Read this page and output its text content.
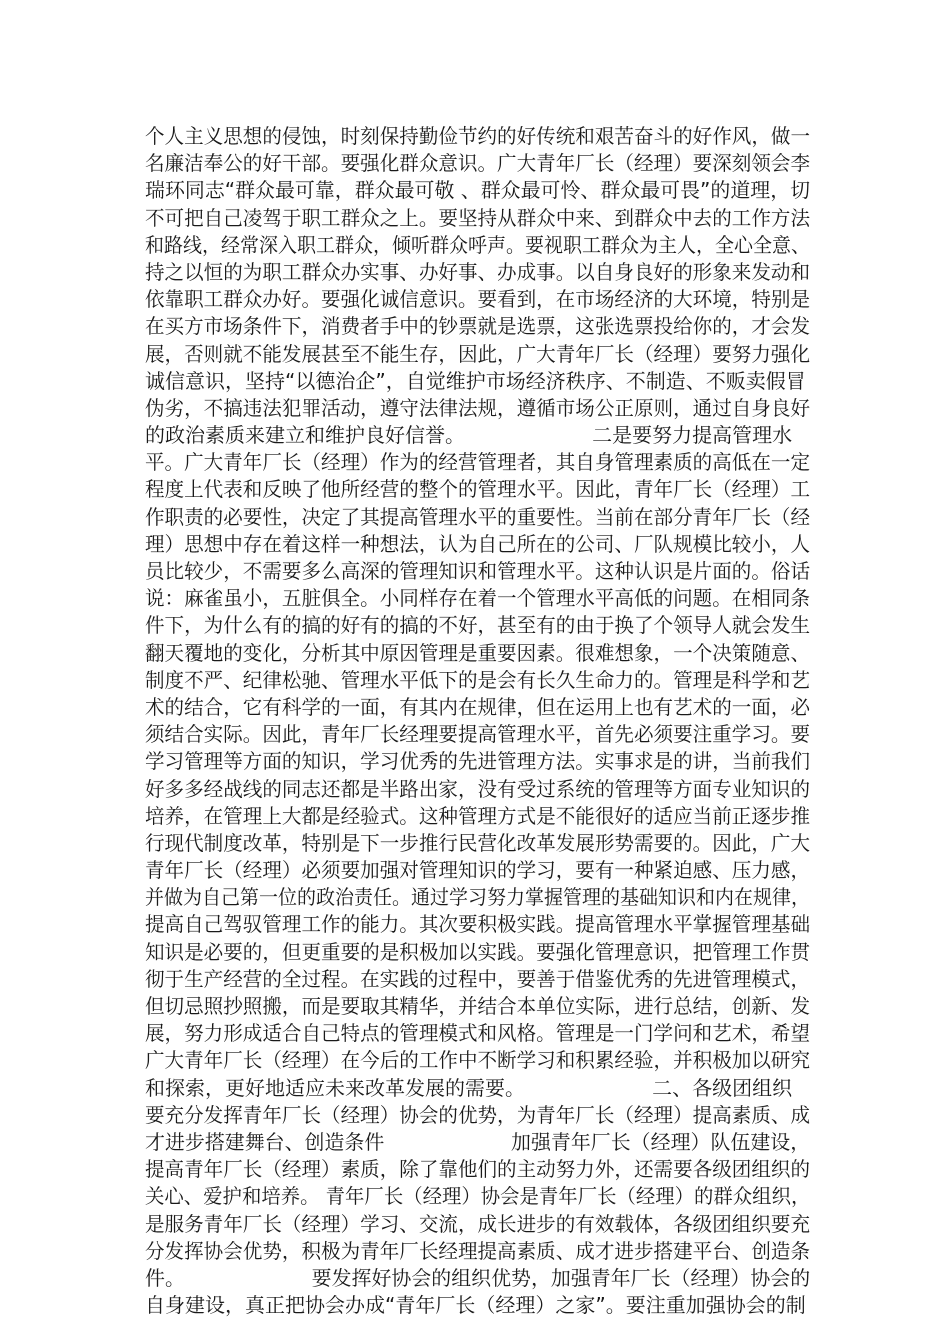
个人主义思想的侵蚀，时刻保持勤俭节约的好传统和艰苦奋斗的好作风，做一
名廉洁奉公的好干部。要强化群众意识。广大青年厂长（经理）要深刻领会李
瑞环同志“群众最可靠，群众最可敬 、群众最可怜、群众最可畏”的道理，切
不可把自己凌驾于职工群众之上。要坚持从群众中来、到群众中去的工作方法
和路线，经常深入职工群众，倾听群众呼声。要视职工群众为主人，全心全意、
持之以恒的为职工群众办实事、办好事、办成事。以自身良好的形象来发动和
依靠职工群众办好。要强化诚信意识。要看到，在市场经济的大环境，特别是
在买方市场条件下，消费者手中的钞票就是选票，这张选票投给你的，才会发
展，否则就不能发展甚至不能生存，因此，广大青年厂长（经理）要努力强化
诚信意识，坚持“以德治企”，自觉维护市场经济秩序、不制造、不贩卖假冒
伪劣，不搞违法犯罪活动，遵守法律法规，遵循市场公正原则，通过自身良好
的政治素质来建立和维护良好信誉。                    二是要努力提高管理水
平。广大青年厂长（经理）作为的经营管理者，其自身管理素质的高低在一定
程度上代表和反映了他所经营的整个的管理水平。因此，青年厂长（经理）工
作职责的必要性，决定了其提高管理水平的重要性。当前在部分青年厂长（经
理）思想中存在着这样一种想法，认为自己所在的公司、厂队规模比较小，人
员比较少，不需要多么高深的管理知识和管理水平。这种认识是片面的。俗话
说：麻雀虽小，五脏俱全。小同样存在着一个管理水平高低的问题。在相同条
件下，为什么有的搞的好有的搞的不好，甚至有的由于换了个领导人就会发生
翻天覆地的变化，分析其中原因管理是重要因素。很难想象，一个决策随意、
制度不严、纪律松驰、管理水平低下的是会有长久生命力的。管理是科学和艺
术的结合，它有科学的一面，有其内在规律，但在运用上也有艺术的一面，必
须结合实际。因此，青年厂长经理要提高管理水平，首先必须要注重学习。要
学习管理等方面的知识，学习优秀的先进管理方法。实事求是的讲，当前我们
好多多经战线的同志还都是半路出家，没有受过系统的管理等方面专业知识的
培养，在管理上大都是经验式。这种管理方式是不能很好的适应当前正逐步推
行现代制度改革，特别是下一步推行民营化改革发展形势需要的。因此，广大
青年厂长（经理）必须要加强对管理知识的学习，要有一种紧迫感、压力感，
并做为自己第一位的政治责任。通过学习努力掌握管理的基础知识和内在规律，
提高自己驾驭管理工作的能力。其次要积极实践。提高管理水平掌握管理基础
知识是必要的，但更重要的是积极加以实践。要强化管理意识，把管理工作贯
彻于生产经营的全过程。在实践的过程中，要善于借鉴优秀的先进管理模式，
但切忌照抄照搬，而是要取其精华，并结合本单位实际，进行总结，创新、发
展，努力形成适合自己特点的管理模式和风格。管理是一门学问和艺术，希望
广大青年厂长（经理）在今后的工作中不断学习和积累经验，并积极加以研究
和探索，更好地适应未来改革发展的需要。                    二、各级团组织
要充分发挥青年厂长（经理）协会的优势，为青年厂长（经理）提高素质、成
才进步搭建舞台、创造条件                    加强青年厂长（经理）队伍建设，
提高青年厂长（经理）素质，除了靠他们的主动努力外，还需要各级团组织的
关心、爱护和培养。 青年厂长（经理）协会是青年厂长（经理）的群众组织，
是服务青年厂长（经理）学习、交流，成长进步的有效载体，各级团组织要充
分发挥协会优势，积极为青年厂长经理提高素质、成才进步搭建平台、创造条
件。                    要发挥好协会的组织优势，加强青年厂长（经理）协会的
自身建设，真正把协会办成“青年厂长（经理）之家”。要注重加强协会的制
